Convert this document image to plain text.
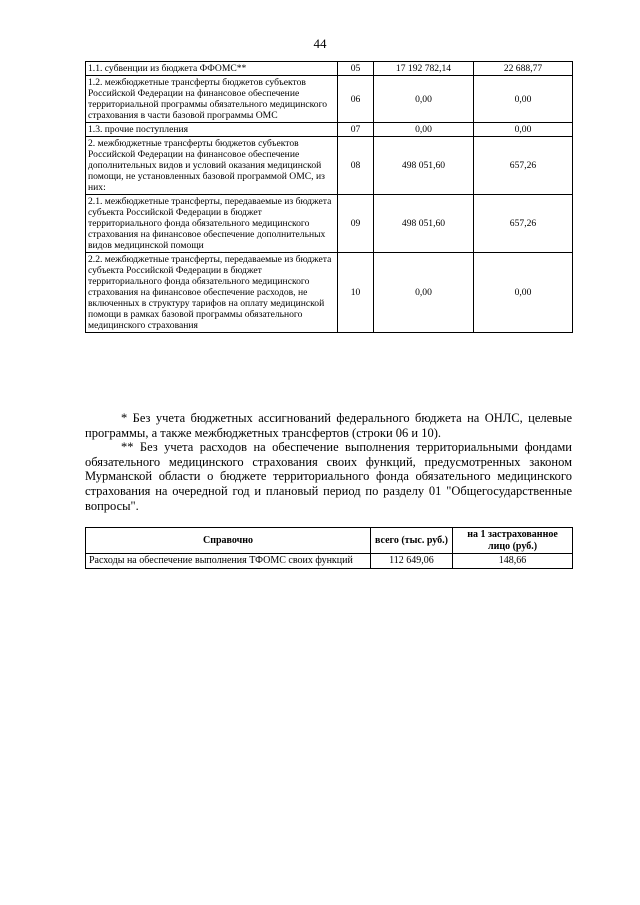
44
1.1. субвенции из бюджета ФФОМС**	05	17 192 782,14	22 688,77
1.2. межбюджетные трансферты бюджетов субъектов Российской Федерации на финансовое обеспечение территориальной программы обязательного медицинского страхования в части базовой программы ОМС	06	0,00	0,00
1.3. прочие поступления	07	0,00	0,00
2. межбюджетные трансферты бюджетов субъектов Российской Федерации на финансовое обеспечение дополнительных видов и условий оказания медицинской помощи, не установленных базовой программой ОМС, из них:	08	498 051,60	657,26
2.1. межбюджетные трансферты, передаваемые из бюджета субъекта Российской Федерации в бюджет территориального фонда обязательного медицинского страхования на финансовое обеспечение дополнительных видов медицинской помощи	09	498 051,60	657,26
2.2. межбюджетные трансферты, передаваемые из бюджета субъекта Российской Федерации в бюджет территориального фонда обязательного медицинского страхования на финансовое обеспечение расходов, не включенных в структуру тарифов на оплату медицинской помощи в рамках базовой программы обязательного медицинского страхования	10	0,00	0,00

* Без учета бюджетных ассигнований федерального бюджета на ОНЛС, целевые программы, а также межбюджетных трансфертов (строки 06 и 10).

** Без учета расходов на обеспечение выполнения территориальными фондами обязательного медицинского страхования своих функций, предусмотренных законом Мурманской области о бюджете территориального фонда обязательного медицинского страхования на очередной год и плановый период по разделу 01 "Общегосударственные вопросы".

Справочно	всего (тыс. руб.)	на 1 застрахованное лицо (руб.)
Расходы на обеспечение выполнения ТФОМС своих функций	112 649,06	148,66
